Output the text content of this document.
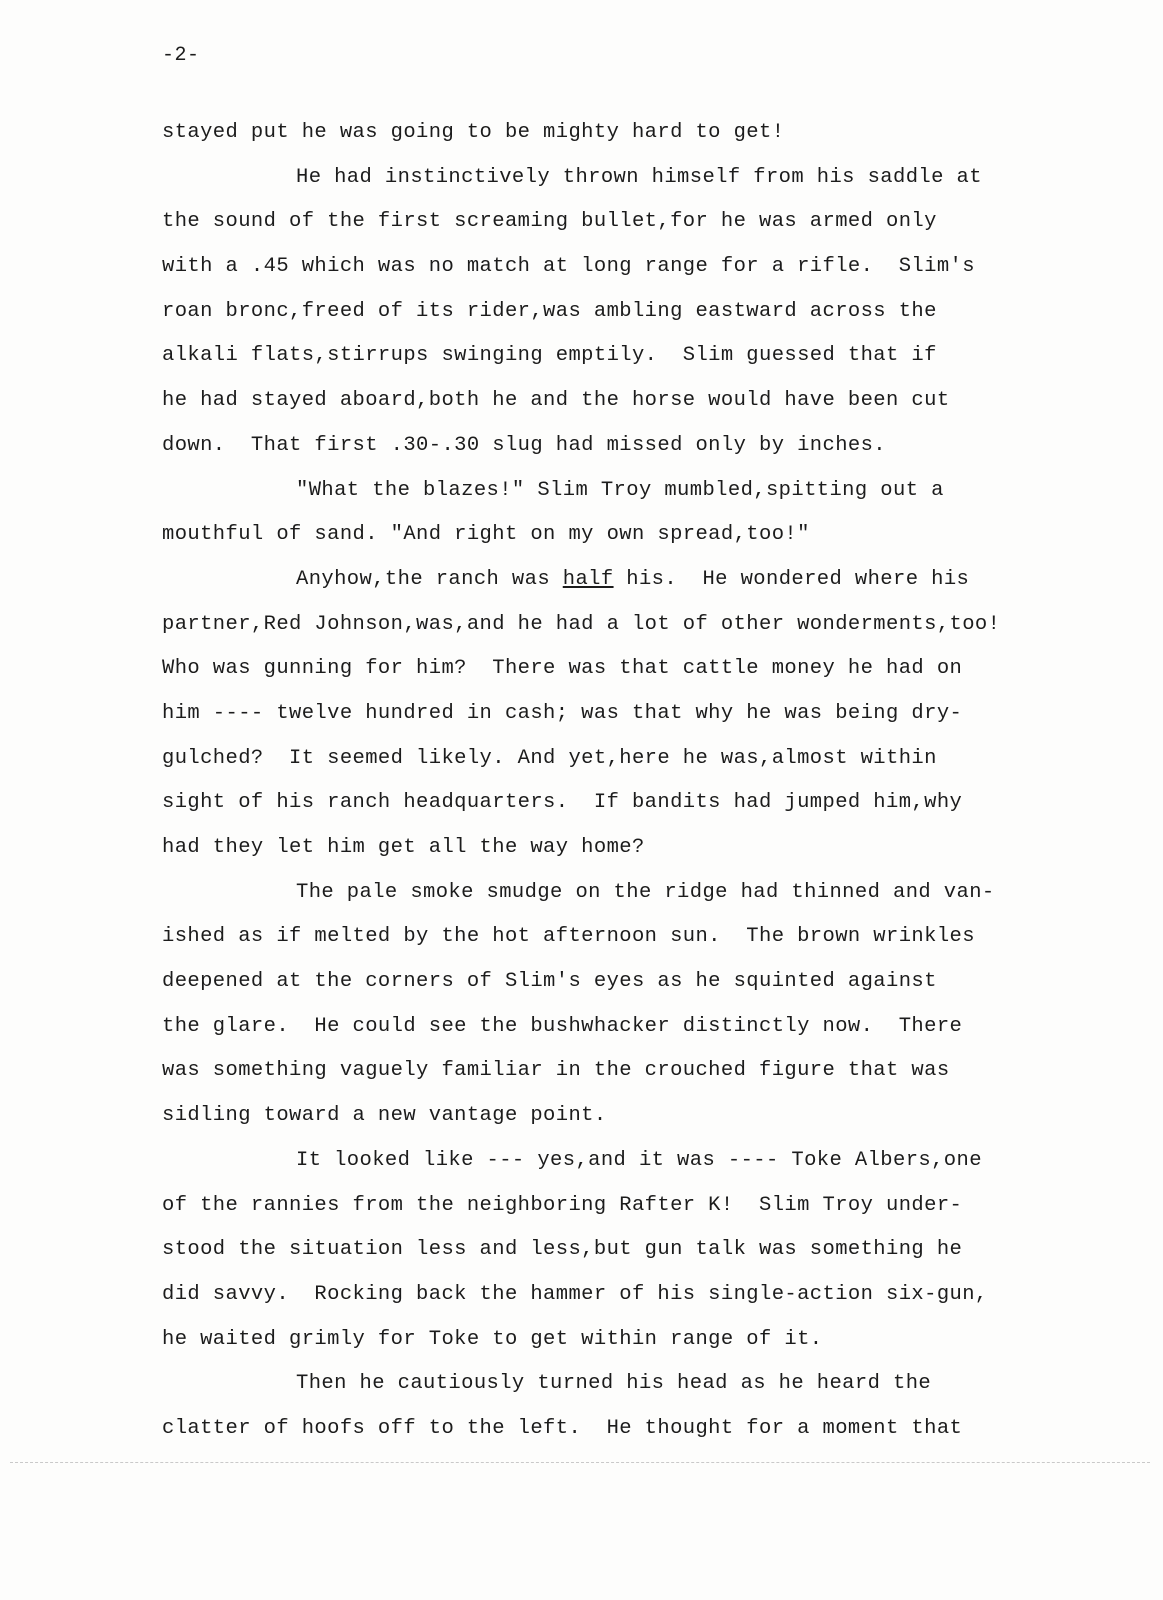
-2-
stayed put he was going to be mighty hard to get!
He had instinctively thrown himself from his saddle at
the sound of the first screaming bullet,for he was armed only
with a .45 which was no match at long range for a rifle.  Slim's
roan bronc,freed of its rider,was ambling eastward across the
alkali flats,stirrups swinging emptily.  Slim guessed that if
he had stayed aboard,both he and the horse would have been cut
down.  That first .30-.30 slug had missed only by inches.
"What the blazes!" Slim Troy mumbled,spitting out a
mouthful of sand. "And right on my own spread,too!"
Anyhow,the ranch was half his.  He wondered where his
partner,Red Johnson,was,and he had a lot of other wonderments,too!
Who was gunning for him?  There was that cattle money he had on
him ---- twelve hundred in cash; was that why he was being dry-
gulched?  It seemed likely. And yet,here he was,almost within
sight of his ranch headquarters.  If bandits had jumped him,why
had they let him get all the way home?
The pale smoke smudge on the ridge had thinned and van-
ished as if melted by the hot afternoon sun.  The brown wrinkles
deepened at the corners of Slim's eyes as he squinted against
the glare.  He could see the bushwhacker distinctly now.  There
was something vaguely familiar in the crouched figure that was
sidling toward a new vantage point.
It looked like --- yes,and it was ---- Toke Albers,one
of the rannies from the neighboring Rafter K!  Slim Troy under-
stood the situation less and less,but gun talk was something he
did savvy.  Rocking back the hammer of his single-action six-gun,
he waited grimly for Toke to get within range of it.
Then he cautiously turned his head as he heard the
clatter of hoofs off to the left.  He thought for a moment that
